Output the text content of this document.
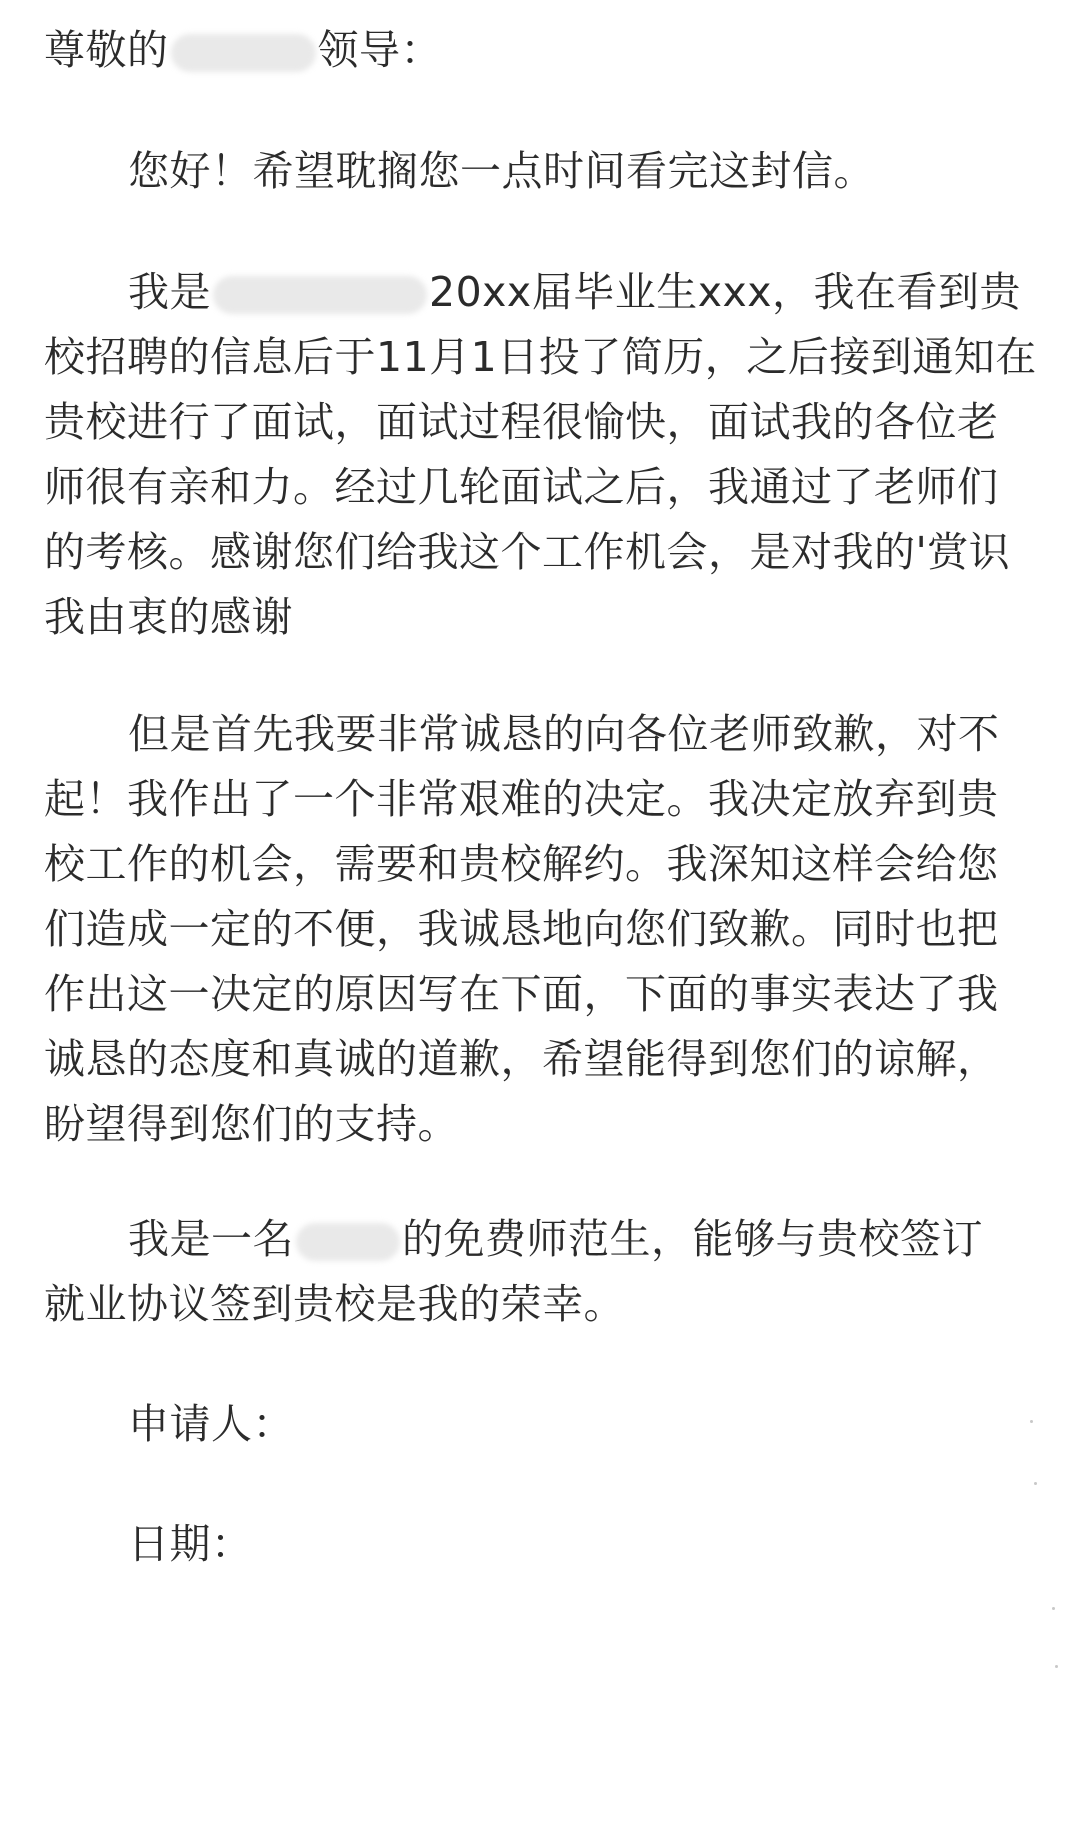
尊敬的	领导：
您好！希望耽搁您一点时间看完这封信。
我是	20xx届毕业生xxx，我在看到贵
校招聘的信息后于11月1日投了简历，之后接到通知在
贵校进行了面试，面试过程很愉快，面试我的各位老
师很有亲和力。经过几轮面试之后，我通过了老师们
的考核。感谢您们给我这个工作机会，是对我的'赏识
我由衷的感谢
但是首先我要非常诚恳的向各位老师致歉，对不
起！我作出了一个非常艰难的决定。我决定放弃到贵
校工作的机会，需要和贵校解约。我深知这样会给您
们造成一定的不便，我诚恳地向您们致歉。同时也把
作出这一决定的原因写在下面，下面的事实表达了我
诚恳的态度和真诚的道歉，希望能得到您们的谅解，
盼望得到您们的支持。
我是一名	的免费师范生，能够与贵校签订
就业协议签到贵校是我的荣幸。
申请人：
日期：
